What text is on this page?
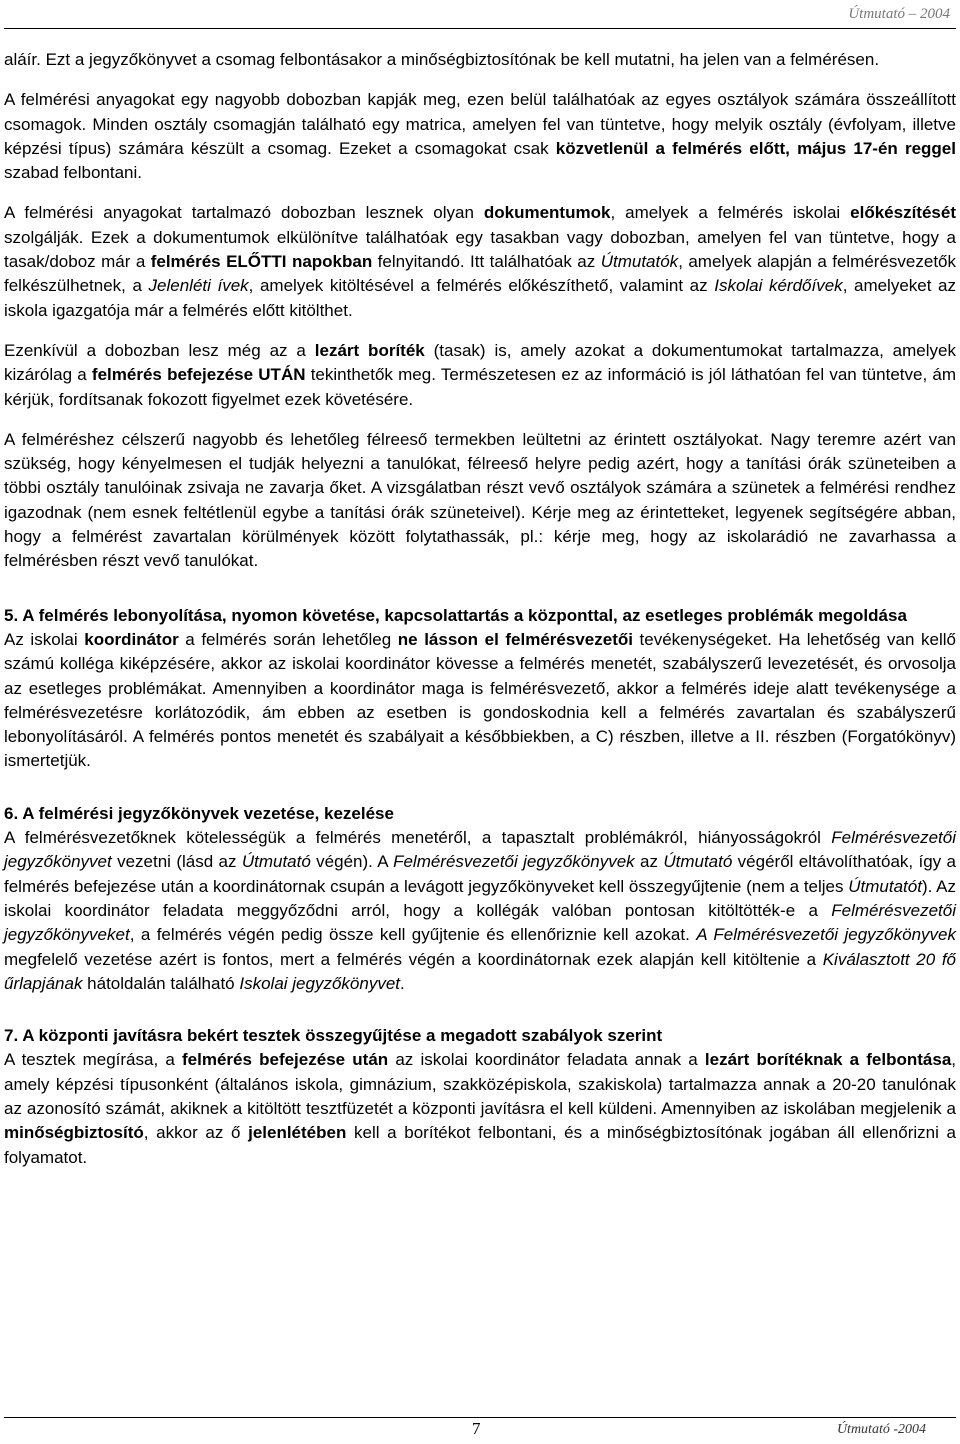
Útmutató – 2004

aláír. Ezt a jegyzőkönyvet a csomag felbontásakor a minőségbiztosítónak be kell mutatni, ha jelen van a felmérésen.

A felmérési anyagokat egy nagyobb dobozban kapják meg, ezen belül találhatóak az egyes osztályok számára összeállított csomagok. Minden osztály csomagján található egy matrica, amelyen fel van tüntetve, hogy melyik osztály (évfolyam, illetve képzési típus) számára készült a csomag. Ezeket a csomagokat csak közvetlenül a felmérés előtt, május 17-én reggel szabad felbontani.

A felmérési anyagokat tartalmazó dobozban lesznek olyan dokumentumok, amelyek a felmérés iskolai előkészítését szolgálják. Ezek a dokumentumok elkülönítve találhatóak egy tasakban vagy dobozban, amelyen fel van tüntetve, hogy a tasak/doboz már a felmérés ELŐTTI napokban felnyitandó. Itt találhatóak az Útmutatók, amelyek alapján a felmérésvezetők felkészülhetnek, a Jelenléti ívek, amelyek kitöltésével a felmérés előkészíthető, valamint az Iskolai kérdőívek, amelyeket az iskola igazgatója már a felmérés előtt kitölthet.

Ezenkívül a dobozban lesz még az a lezárt boríték (tasak) is, amely azokat a dokumentumokat tartalmazza, amelyek kizárólag a felmérés befejezése UTÁN tekinthetők meg. Természetesen ez az információ is jól láthatóan fel van tüntetve, ám kérjük, fordítsanak fokozott figyelmet ezek követésére.

A felméréshez célszerű nagyobb és lehetőleg félreeső termekben leültetni az érintett osztályokat. Nagy teremre azért van szükség, hogy kényelmesen el tudják helyezni a tanulókat, félreeső helyre pedig azért, hogy a tanítási órák szüneteiben a többi osztály tanulóinak zsivaja ne zavarja őket. A vizsgálatban részt vevő osztályok számára a szünetek a felmérési rendhez igazodnak (nem esnek feltétlenül egybe a tanítási órák szüneteivel). Kérje meg az érintetteket, legyenek segítségére abban, hogy a felmérést zavartalan körülmények között folytathassák, pl.: kérje meg, hogy az iskolarádió ne zavarhassa a felmérésben részt vevő tanulókat.

5. A felmérés lebonyolítása, nyomon követése, kapcsolattartás a központtal, az esetleges problémák megoldása

Az iskolai koordinátor a felmérés során lehetőleg ne lásson el felmérésvezetői tevékenységeket. Ha lehetőség van kellő számú kolléga kiképzésére, akkor az iskolai koordinátor kövesse a felmérés menetét, szabályszerű levezetését, és orvosolja az esetleges problémákat. Amennyiben a koordinátor maga is felmérésvezető, akkor a felmérés ideje alatt tevékenysége a felmérésvezetésre korlátozódik, ám ebben az esetben is gondoskodnia kell a felmérés zavartalan és szabályszerű lebonyolításáról. A felmérés pontos menetét és szabályait a későbbiekben, a C) részben, illetve a II. részben (Forgatókönyv) ismertetjük.

6. A felmérési jegyzőkönyvek vezetése, kezelése

A felmérésvezetőknek kötelességük a felmérés menetéről, a tapasztalt problémákról, hiányosságokról Felmérésvezetői jegyzőkönyvet vezetni (lásd az Útmutató végén). A Felmérésvezetői jegyzőkönyvek az Útmutató végéről eltávolíthatóak, így a felmérés befejezése után a koordinátornak csupán a levágott jegyzőkönyveket kell összegyűjtenie (nem a teljes Útmutatót). Az iskolai koordinátor feladata meggyőződni arról, hogy a kollégák valóban pontosan kitöltötték-e a Felmérésvezetői jegyzőkönyveket, a felmérés végén pedig össze kell gyűjtenie és ellenőriznie kell azokat. A Felmérésvezetői jegyzőkönyvek megfelelő vezetése azért is fontos, mert a felmérés végén a koordinátornak ezek alapján kell kitöltenie a Kiválasztott 20 fő űrlapjának hátoldalán található Iskolai jegyzőkönyvet.

7. A központi javításra bekért tesztek összegyűjtése a megadott szabályok szerint

A tesztek megírása, a felmérés befejezése után az iskolai koordinátor feladata annak a lezárt borítéknak a felbontása, amely képzési típusonként (általános iskola, gimnázium, szakközépiskola, szakiskola) tartalmazza annak a 20-20 tanulónak az azonosító számát, akiknek a kitöltött tesztfüzetét a központi javításra el kell küldeni. Amennyiben az iskolában megjelenik a minőségbiztosító, akkor az ő jelenlétében kell a borítékot felbontani, és a minőségbiztosítónak jogában áll ellenőrizni a folyamatot.

7	Útmutató -2004
